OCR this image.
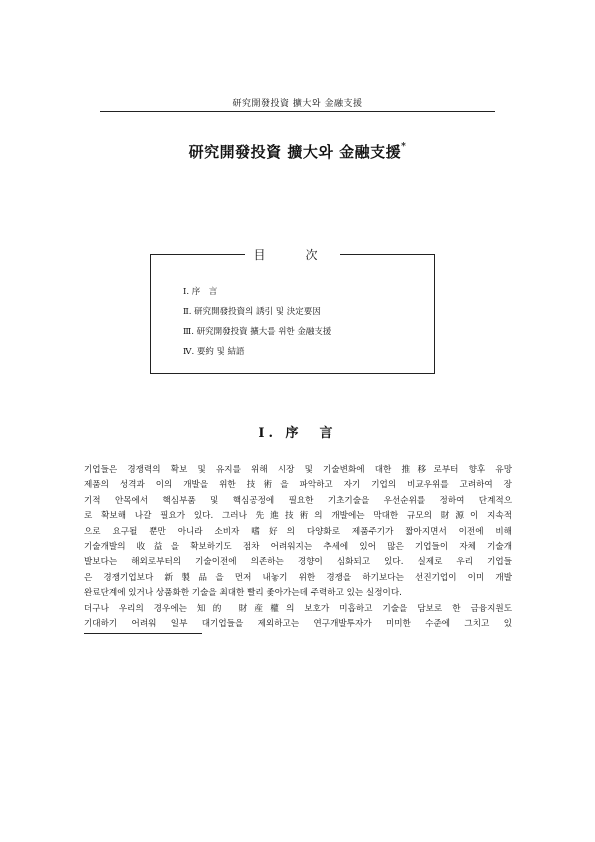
研究開發投資 擴大와 金融支援
研究開發投資 擴大와 金融支援*
目　次
Ⅰ. 序　言
Ⅱ. 研究開發投資의 誘引 및 決定要因
Ⅲ. 研究開發投資 擴大를 위한 金融支援
Ⅳ. 要約 및 結語
Ⅰ. 序　言
기업들은 경쟁력의 확보 및 유지를 위해 시장 및 기술변화에 대한 推移로부터 향후 유망
제품의 성격과 이의 개발을 위한 技術을 파악하고 자기 기업의 비교우위를 고려하여 장
기적 안목에서 핵심부품 및 핵심공정에 필요한 기초기술을 우선순위를 정하여 단계적으
로 확보해 나갈 필요가 있다. 그러나 先進技術의 개발에는 막대한 규모의 財源이 지속적
으로 요구될 뿐만 아니라 소비자 嗜好의 다양화로 제품주기가 짧아지면서 이전에 비해
기술개발의 收益을 확보하기도 점차 어려워지는 추세에 있어 많은 기업들이 자체 기술개
발보다는 해외로부터의 기술이전에 의존하는 경향이 심화되고 있다. 실제로 우리 기업들
은 경쟁기업보다 新製品을 먼저 내놓기 위한 경쟁을 하기보다는 선진기업이 이미 개발
완료단계에 있거나 상품화한 기술을 최대한 빨리 좇아가는데 주력하고 있는 실정이다.
더구나 우리의 경우에는 知的 財産權의 보호가 미흡하고 기술을 담보로 한 금융지원도
기대하기 어려워 일부 대기업들을 제외하고는 연구개발투자가 미미한 수준에 그치고 있
